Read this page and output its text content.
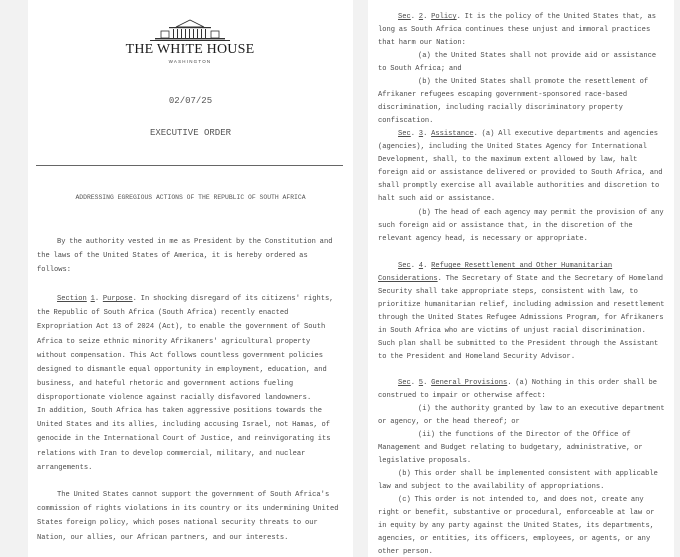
THE WHITE HOUSE
WASHINGTON
02/07/25
EXECUTIVE ORDER
ADDRESSING EGREGIOUS ACTIONS OF THE REPUBLIC OF SOUTH AFRICA

By the authority vested in me as President by the Constitution and the laws of the United States of America, it is hereby ordered as follows:

Section 1. Purpose. In shocking disregard of its citizens' rights, the Republic of South Africa (South Africa) recently enacted Expropriation Act 13 of 2024 (Act), to enable the government of South Africa to seize ethnic minority Afrikaners' agricultural property without compensation. This Act follows countless government policies designed to dismantle equal opportunity in employment, education, and business, and hateful rhetoric and government actions fueling disproportionate violence against racially disfavored landowners.

In addition, South Africa has taken aggressive positions towards the United States and its allies, including accusing Israel, not Hamas, of genocide in the International Court of Justice, and reinvigorating its relations with Iran to develop commercial, military, and nuclear arrangements.

The United States cannot support the government of South Africa's commission of rights violations in its country or its undermining United States foreign policy, which poses national security threats to our Nation, our allies, our African partners, and our interests.

Sec. 2. Policy. It is the policy of the United States that, as long as South Africa continues these unjust and immoral practices that harm our Nation:

(a) the United States shall not provide aid or assistance to South Africa; and

(b) the United States shall promote the resettlement of Afrikaner refugees escaping government-sponsored race-based discrimination, including racially discriminatory property confiscation.

Sec. 3. Assistance. (a) All executive departments and agencies (agencies), including the United States Agency for International Development, shall, to the maximum extent allowed by law, halt foreign aid or assistance delivered or provided to South Africa, and shall promptly exercise all available authorities and discretion to halt such aid or assistance.

(b) The head of each agency may permit the provision of any such foreign aid or assistance that, in the discretion of the relevant agency head, is necessary or appropriate.

Sec. 4. Refugee Resettlement and Other Humanitarian Considerations. The Secretary of State and the Secretary of Homeland Security shall take appropriate steps, consistent with law, to prioritize humanitarian relief, including admission and resettlement through the United States Refugee Admissions Program, for Afrikaners in South Africa who are victims of unjust racial discrimination. Such plan shall be submitted to the President through the Assistant to the President and Homeland Security Advisor.

Sec. 5. General Provisions. (a) Nothing in this order shall be construed to impair or otherwise affect:

(i) the authority granted by law to an executive department or agency, or the head thereof; or

(ii) the functions of the Director of the Office of Management and Budget relating to budgetary, administrative, or legislative proposals.

(b) This order shall be implemented consistent with applicable law and subject to the availability of appropriations.

(c) This order is not intended to, and does not, create any right or benefit, substantive or procedural, enforceable at law or in equity by any party against the United States, its departments, agencies, or entities, its officers, employees, or agents, or any other person.
